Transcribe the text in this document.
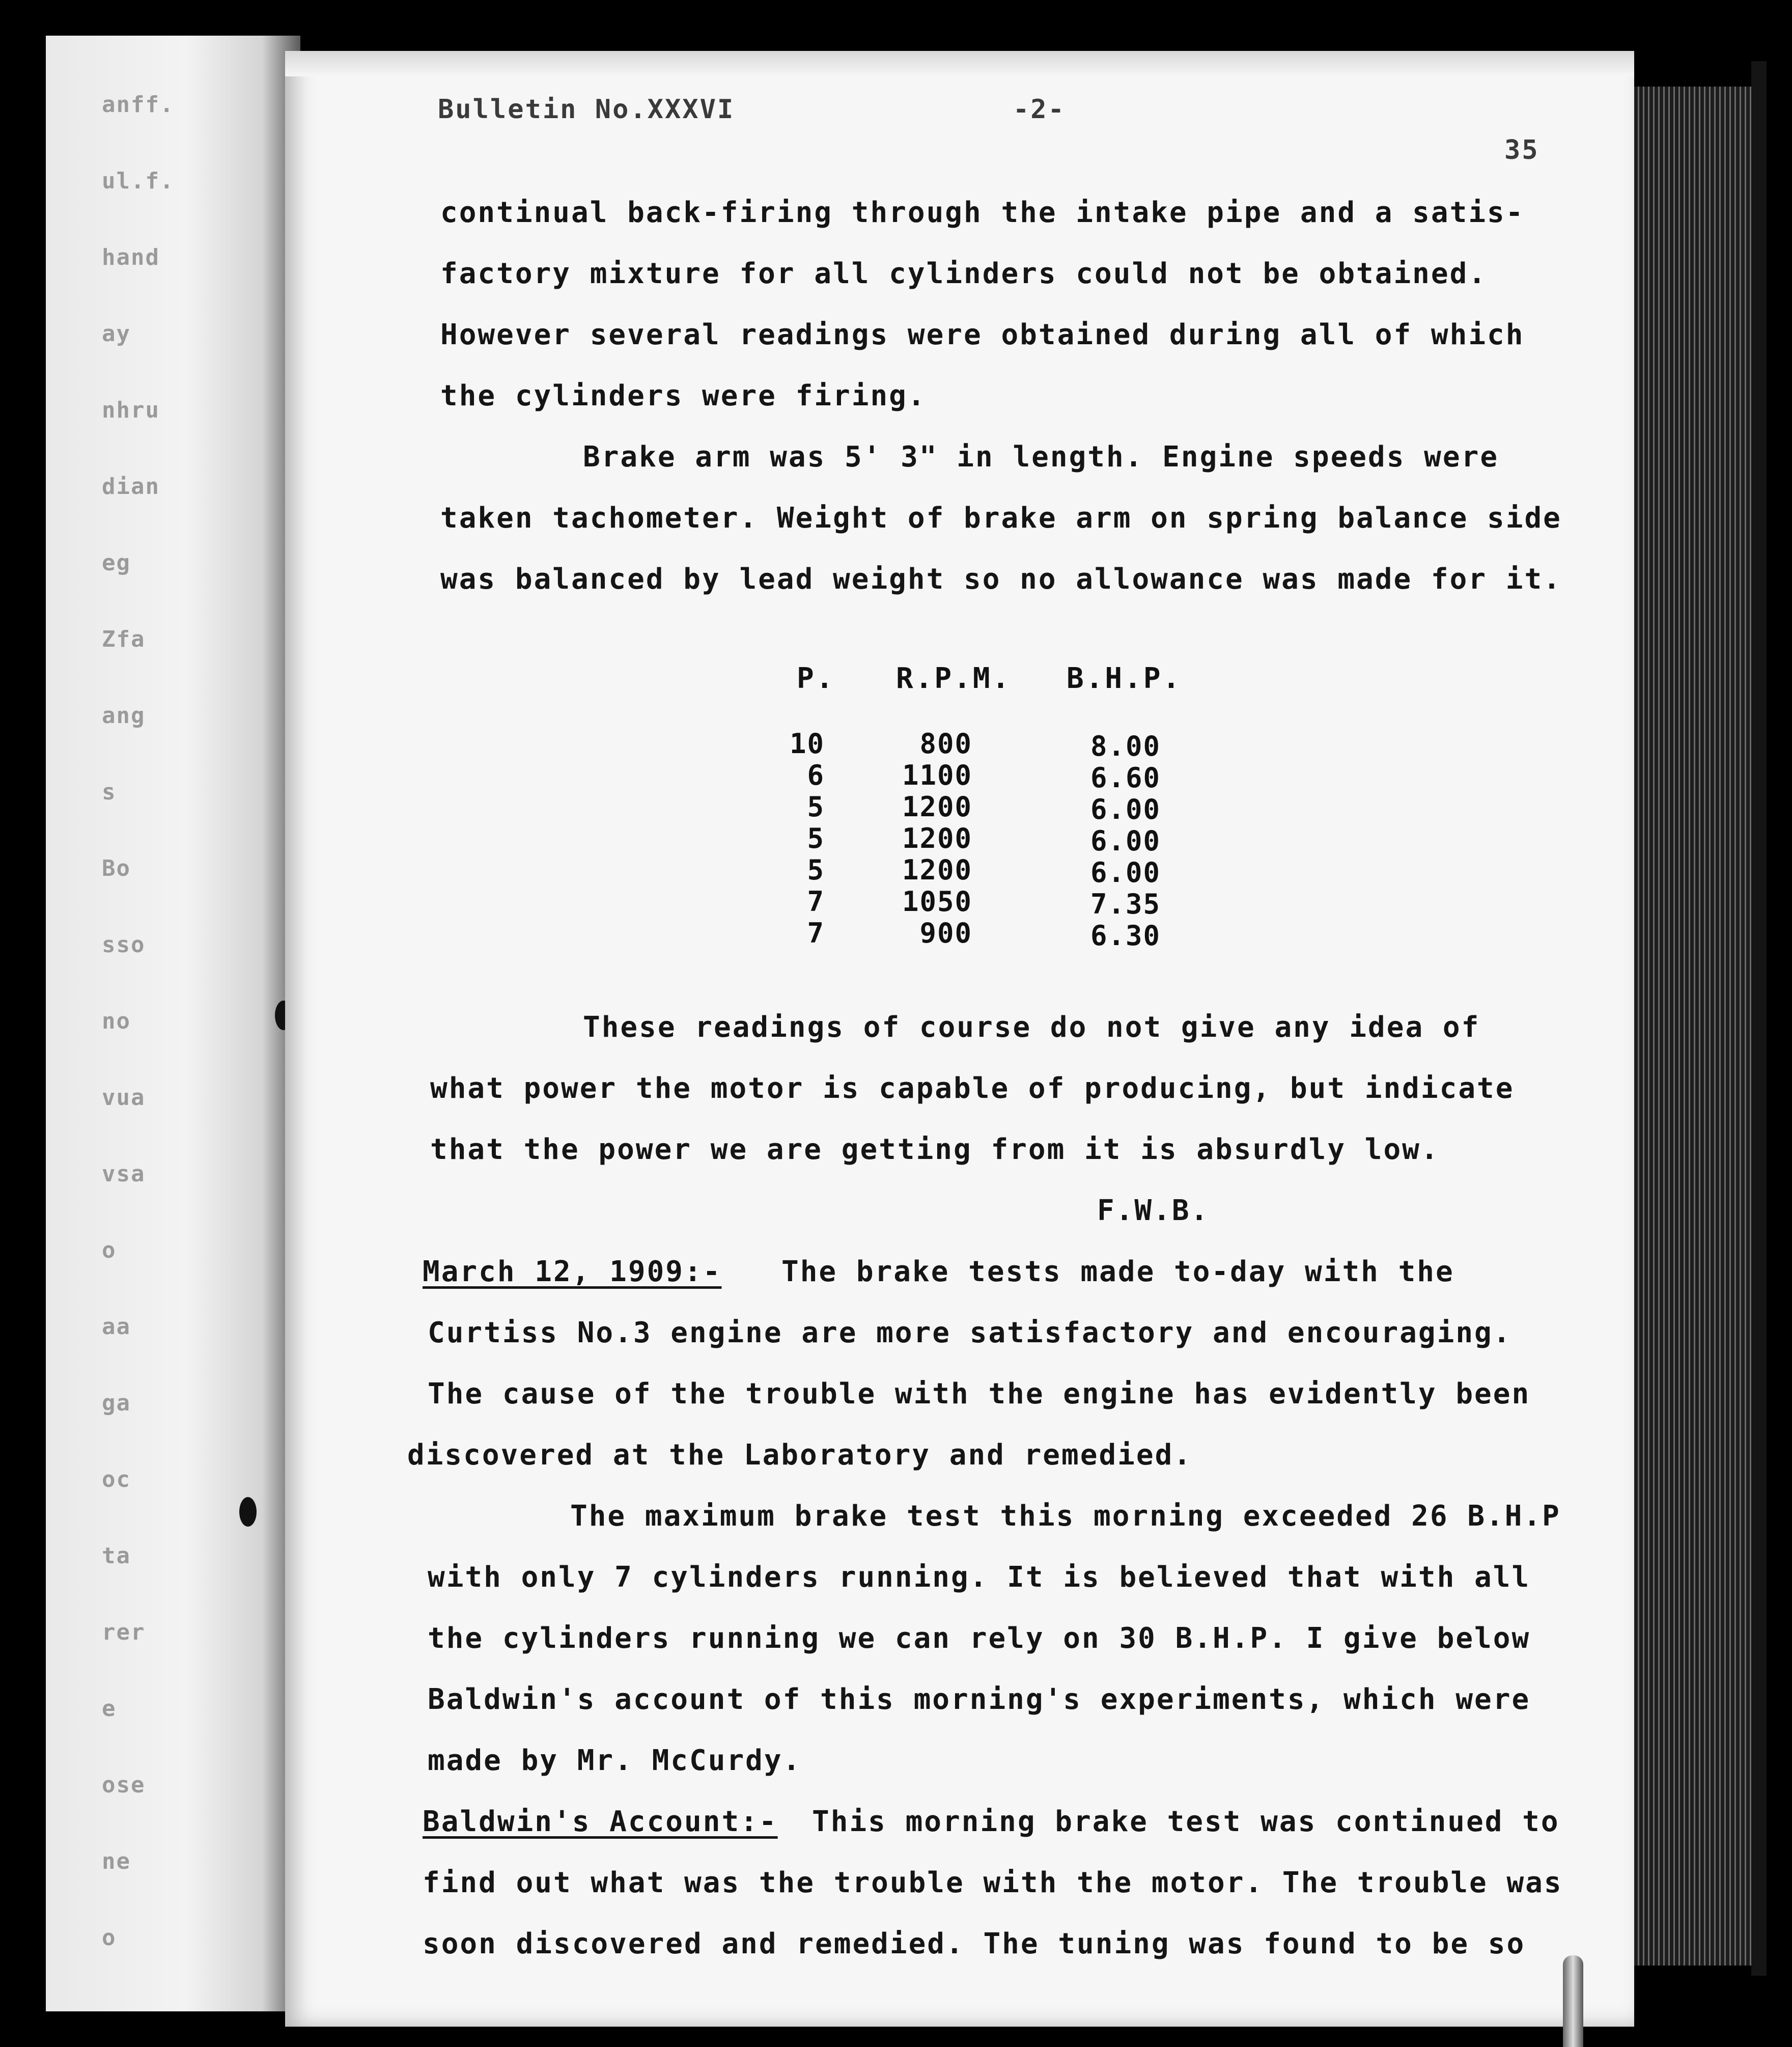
anff.
ul.f.
hand
ay
nhru
dian
eg
Zfa
ang
s
Bo
sso
no
vua
vsa
o
aa
ga
oc
ta
rer
e
ose
ne
o
Bulletin No.XXXVI	-2-
35
continual back-firing through the intake pipe and a satis-
factory mixture for all cylinders could not be obtained.
However several readings were obtained during all of which
the cylinders were firing.
Brake arm was 5' 3" in length. Engine speeds were
taken tachometer. Weight of brake arm on spring balance side
was balanced by lead weight so no allowance was made for it.
P. R.P.M. B.H.P.
10
6
5
5
5
7
7
800
1100
1200
1200
1200
1050
900
8.00
6.60
6.00
6.00
6.00
7.35
6.30
These readings of course do not give any idea of
what power the motor is capable of producing, but indicate
that the power we are getting from it is absurdly low.
F.W.B.
March 12, 1909:- The brake tests made to-day with the
Curtiss No.3 engine are more satisfactory and encouraging.
The cause of the trouble with the engine has evidently been
discovered at the Laboratory and remedied.
The maximum brake test this morning exceeded 26 B.H.P
with only 7 cylinders running. It is believed that with all
the cylinders running we can rely on 30 B.H.P. I give below
Baldwin's account of this morning's experiments, which were
made by Mr. McCurdy.
Baldwin's Account:- This morning brake test was continued to
find out what was the trouble with the motor. The trouble was
soon discovered and remedied. The tuning was found to be so
